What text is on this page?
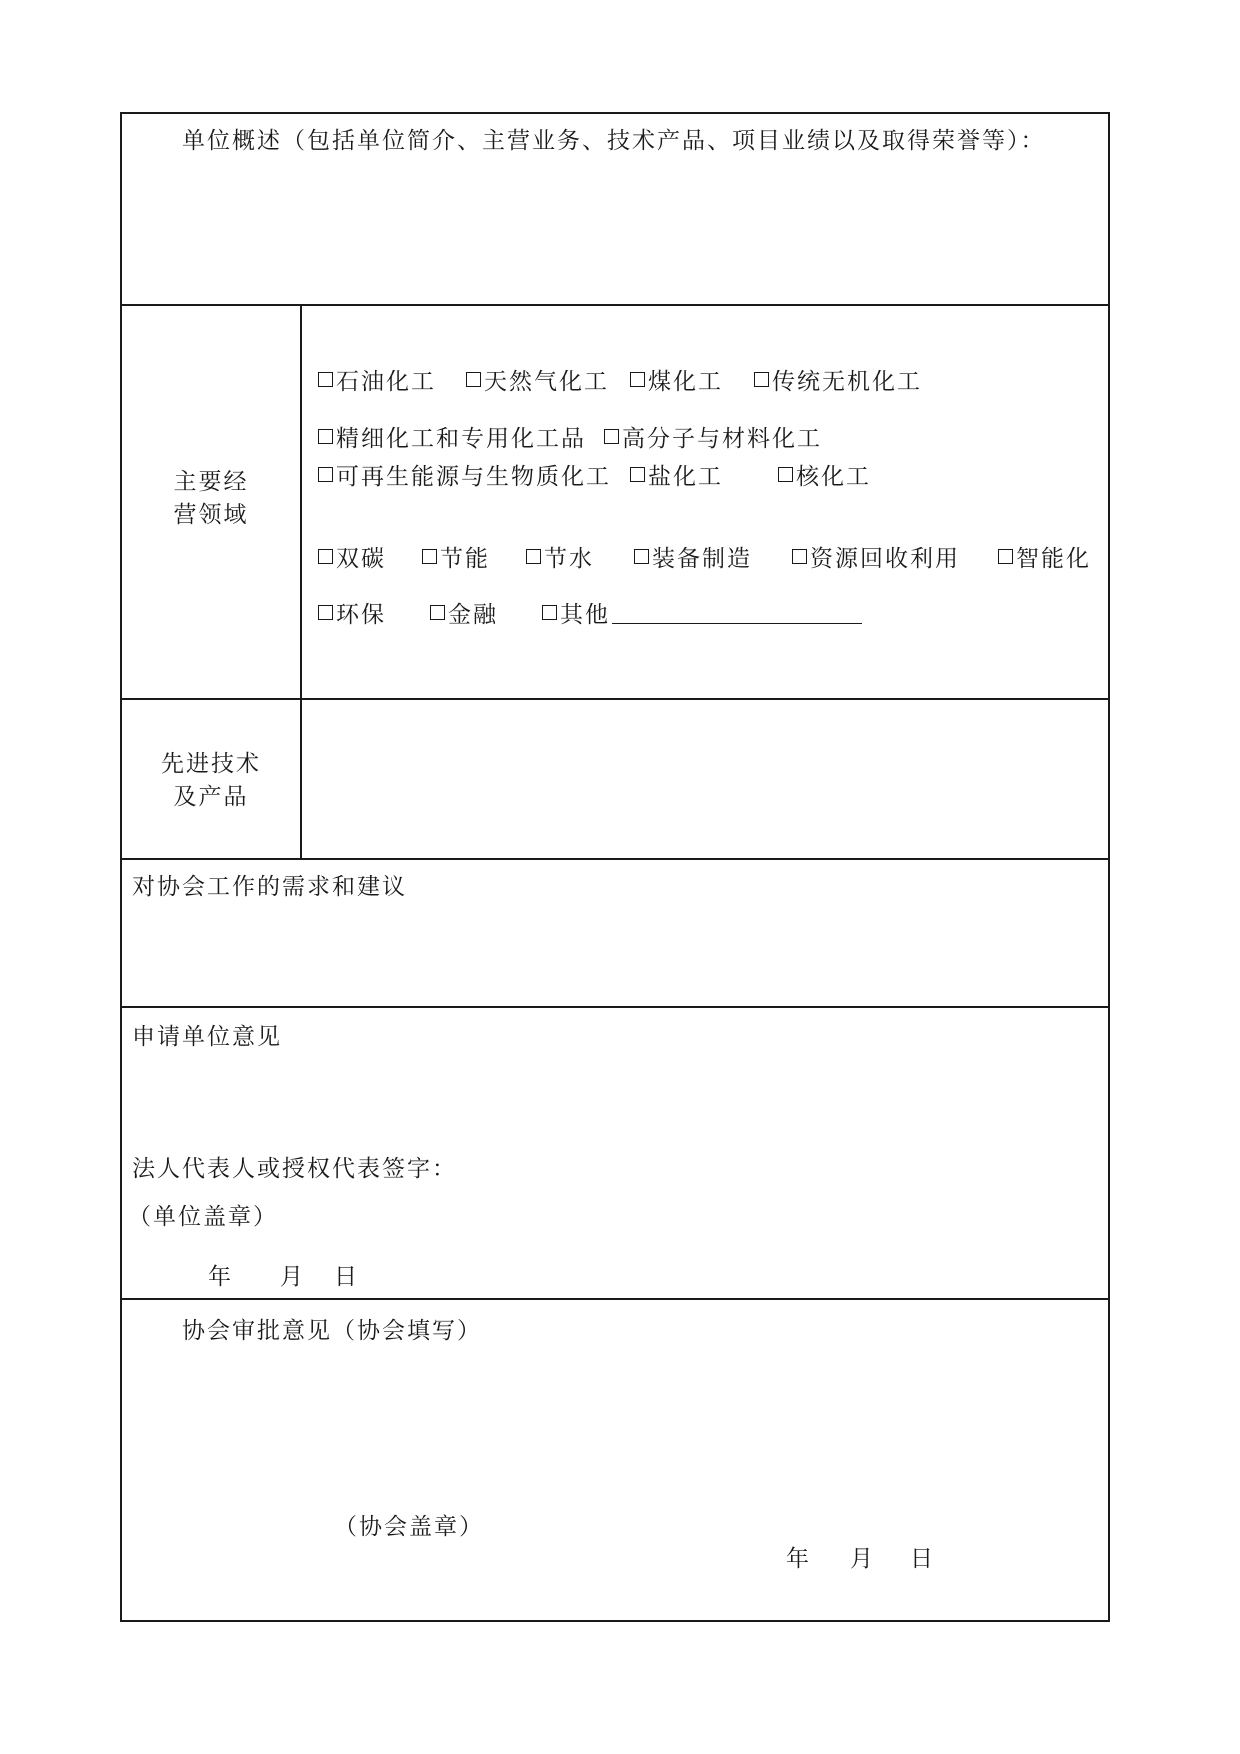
单位概述（包括单位简介、主营业务、技术产品、项目业绩以及取得荣誉等）：
主要经
营领域
石油化工 天然气化工 煤化工 传统无机化工
精细化工和专用化工品 高分子与材料化工
可再生能源与生物质化工 盐化工	核化工
双碳 节能 节水	装备制造	资源回收利用 智能化
环保	金融	其他
先进技术
及产品
对协会工作的需求和建议
申请单位意见
法人代表人或授权代表签字：
（单位盖章）
年 月 日
协会审批意见（协会填写）
（协会盖章）
年 月 日
